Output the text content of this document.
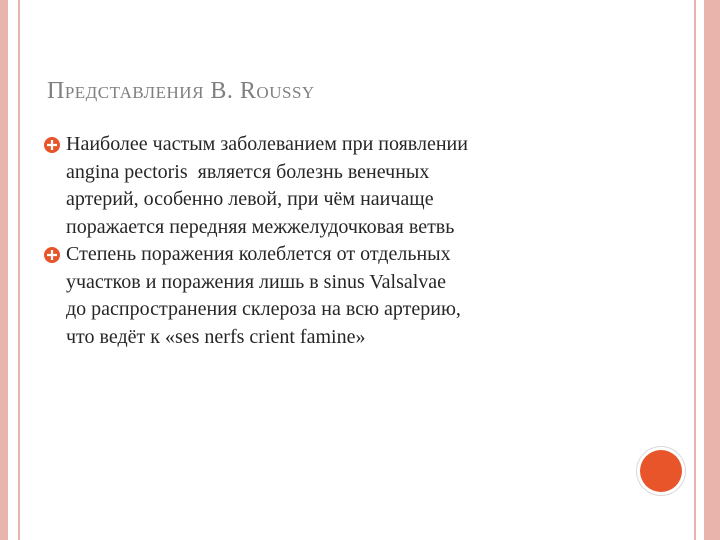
Представления B. Roussy
Наиболее частым заболеванием при появлении
angina pectoris  является болезнь венечных
артерий, особенно левой, при чём наичаще
поражается передняя межжелудочковая ветвь
Степень поражения колеблется от отдельных
участков и поражения лишь в sinus Valsalvae
до распространения склероза на всю артерию,
что ведёт к «ses nerfs crient famine»
